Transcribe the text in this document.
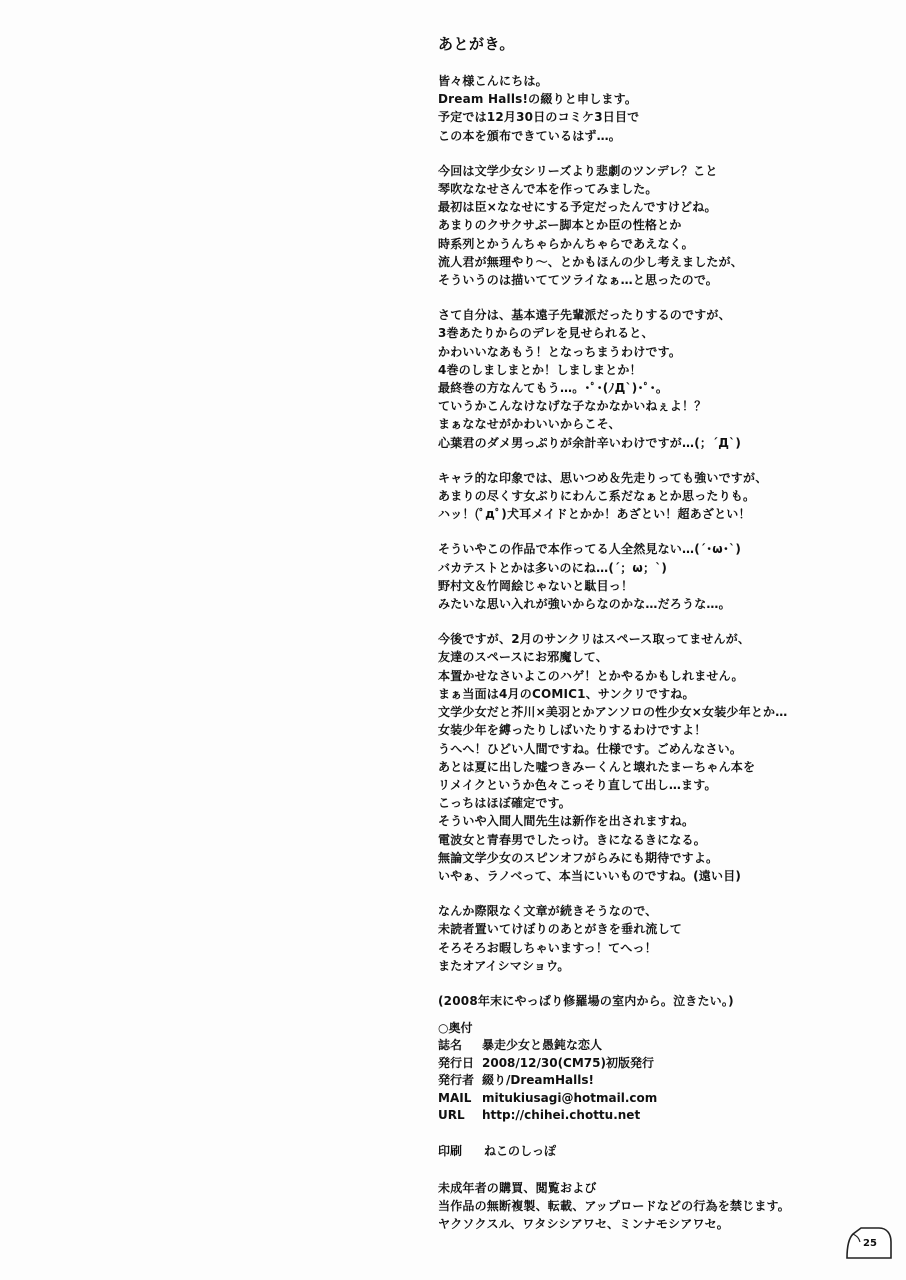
あとがき。
皆々様こんにちは。
Dream Halls!の綴りと申します。
予定では12月30日のコミケ3日目で
この本を頒布できているはず…。
今回は文学少女シリーズより悲劇のツンデレ？こと
琴吹ななせさんで本を作ってみました。
最初は臣×ななせにする予定だったんですけどね。
あまりのクサクサぷー脚本とか臣の性格とか
時系列とかうんちゃらかんちゃらであえなく。
流人君が無理やり～、とかもほんの少し考えましたが、
そういうのは描いててツライなぁ…と思ったので。
さて自分は、基本遠子先輩派だったりするのですが、
3巻あたりからのデレを見せられると、
かわいいなあもう！となっちまうわけです。
4巻のしましまとか！しましまとか！
最終巻の方なんてもう…。･ﾟ･(ﾉД`)･ﾟ･。
ていうかこんなけなげな子なかなかいねぇよ！？
まぁななせがかわいいからこそ、
心葉君のダメ男っぷりが余計辛いわけですが…(；´Д`)
キャラ的な印象では、思いつめ＆先走りっても強いですが、
あまりの尽くす女ぶりにわんこ系だなぁとか思ったりも。
ハッ！(ﾟдﾟ)犬耳メイドとかか！あざとい！超あざとい！
そういやこの作品で本作ってる人全然見ない…(´･ω･`)
バカテストとかは多いのにね…(´；ω；`)
野村文＆竹岡絵じゃないと駄目っ！
みたいな思い入れが強いからなのかな…だろうな…。
今後ですが、2月のサンクリはスペース取ってませんが、
友達のスペースにお邪魔して、
本置かせなさいよこのハゲ！とかやるかもしれません。
まぁ当面は4月のCOMIC1、サンクリですね。
文学少女だと芥川×美羽とかアンソロの性少女×女装少年とか…
女装少年を縛ったりしばいたりするわけですよ！
うへへ！ひどい人間ですね。仕様です。ごめんなさい。
あとは夏に出した嘘つきみーくんと壊れたまーちゃん本を
リメイクというか色々こっそり直して出し…ます。
こっちはほぼ確定です。
そういや入間人間先生は新作を出されますね。
電波女と青春男でしたっけ。きになるきになる。
無論文学少女のスピンオフがらみにも期待ですよ。
いやぁ、ラノベって、本当にいいものですね。(遠い目)
なんか際限なく文章が続きそうなので、
未読者置いてけぼりのあとがきを垂れ流して
そろそろお暇しちゃいますっ！てへっ！
またオアイシマショウ。
(2008年末にやっぱり修羅場の室内から。泣きたい。)
○奥付
誌名	暴走少女と愚鈍な恋人
発行日 2008/12/30(CM75)初版発行
発行者 綴り/DreamHalls!
MAIL mitukiusagi@hotmail.com
URL	http://chihei.chottu.net
印刷	ねこのしっぽ
未成年者の購買、閲覧および
当作品の無断複製、転載、アップロードなどの行為を禁じます。
ヤクソクスル、ワタシシアワセ、ミンナモシアワセ。
25
